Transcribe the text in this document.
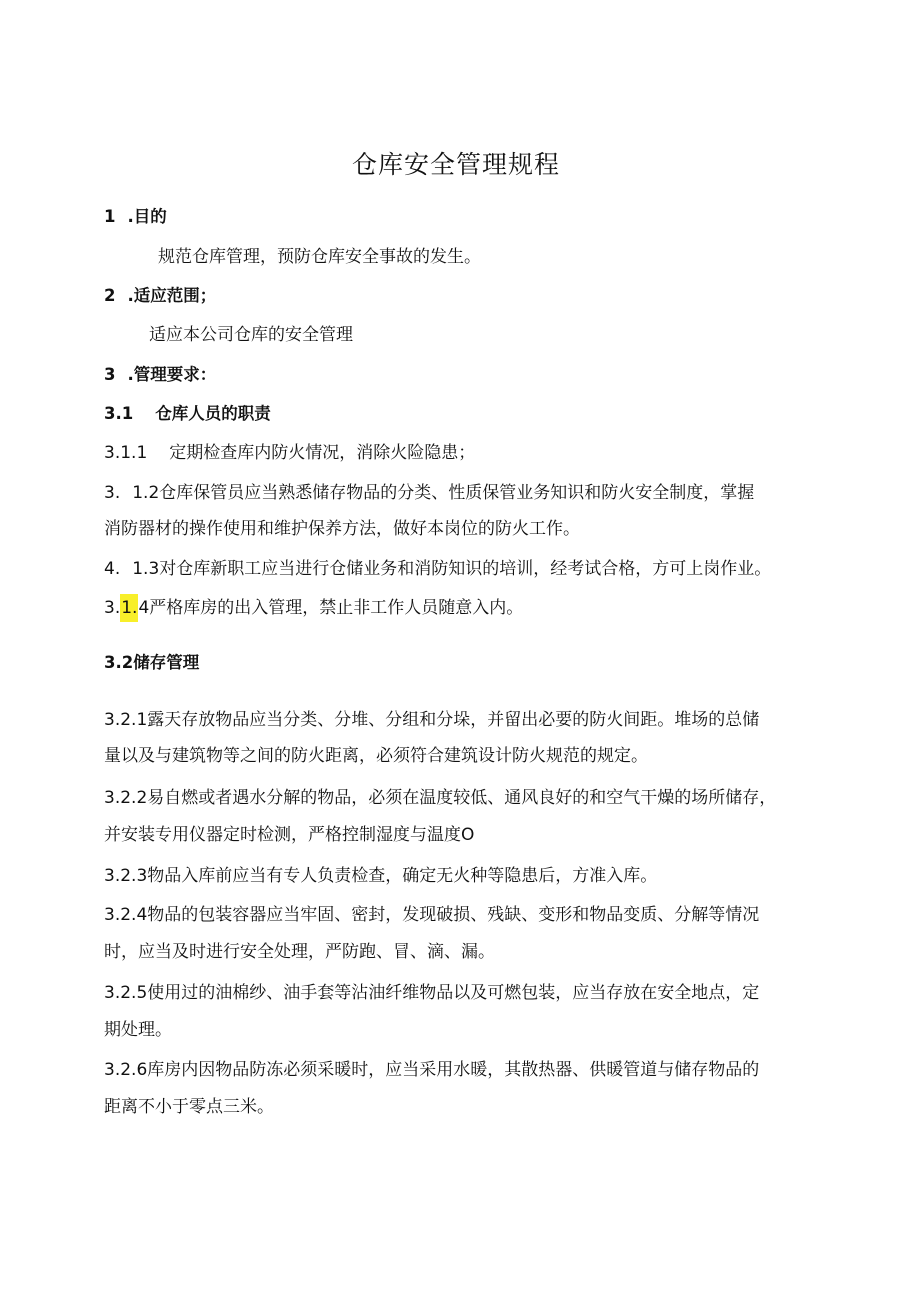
仓库安全管理规程

1 .目的

规范仓库管理，预防仓库安全事故的发生。

2 .适应范围；

适应本公司仓库的安全管理

3 .管理要求：

3.1 仓库人员的职责

3.1.1 定期检查库内防火情况，消除火险隐患；

3. 1.2仓库保管员应当熟悉储存物品的分类、性质保管业务知识和防火安全制度，掌握

消防器材的操作使用和维护保养方法，做好本岗位的防火工作。

4. 1.3对仓库新职工应当进行仓储业务和消防知识的培训，经考试合格，方可上岗作业。

3.1.4严格库房的出入管理，禁止非工作人员随意入内。

3.2储存管理

3.2.1露天存放物品应当分类、分堆、分组和分垛，并留出必要的防火间距。堆场的总储

量以及与建筑物等之间的防火距离，必须符合建筑设计防火规范的规定。

3.2.2易自燃或者遇水分解的物品，必须在温度较低、通风良好的和空气干燥的场所储存，

并安装专用仪器定时检测，严格控制湿度与温度O

3.2.3物品入库前应当有专人负责检查，确定无火种等隐患后，方准入库。

3.2.4物品的包装容器应当牢固、密封，发现破损、残缺、变形和物品变质、分解等情况

时，应当及时进行安全处理，严防跑、冒、滴、漏。

3.2.5使用过的油棉纱、油手套等沾油纤维物品以及可燃包装，应当存放在安全地点，定

期处理。

3.2.6库房内因物品防冻必须采暖时，应当采用水暖，其散热器、供暖管道与储存物品的

距离不小于零点三米。
